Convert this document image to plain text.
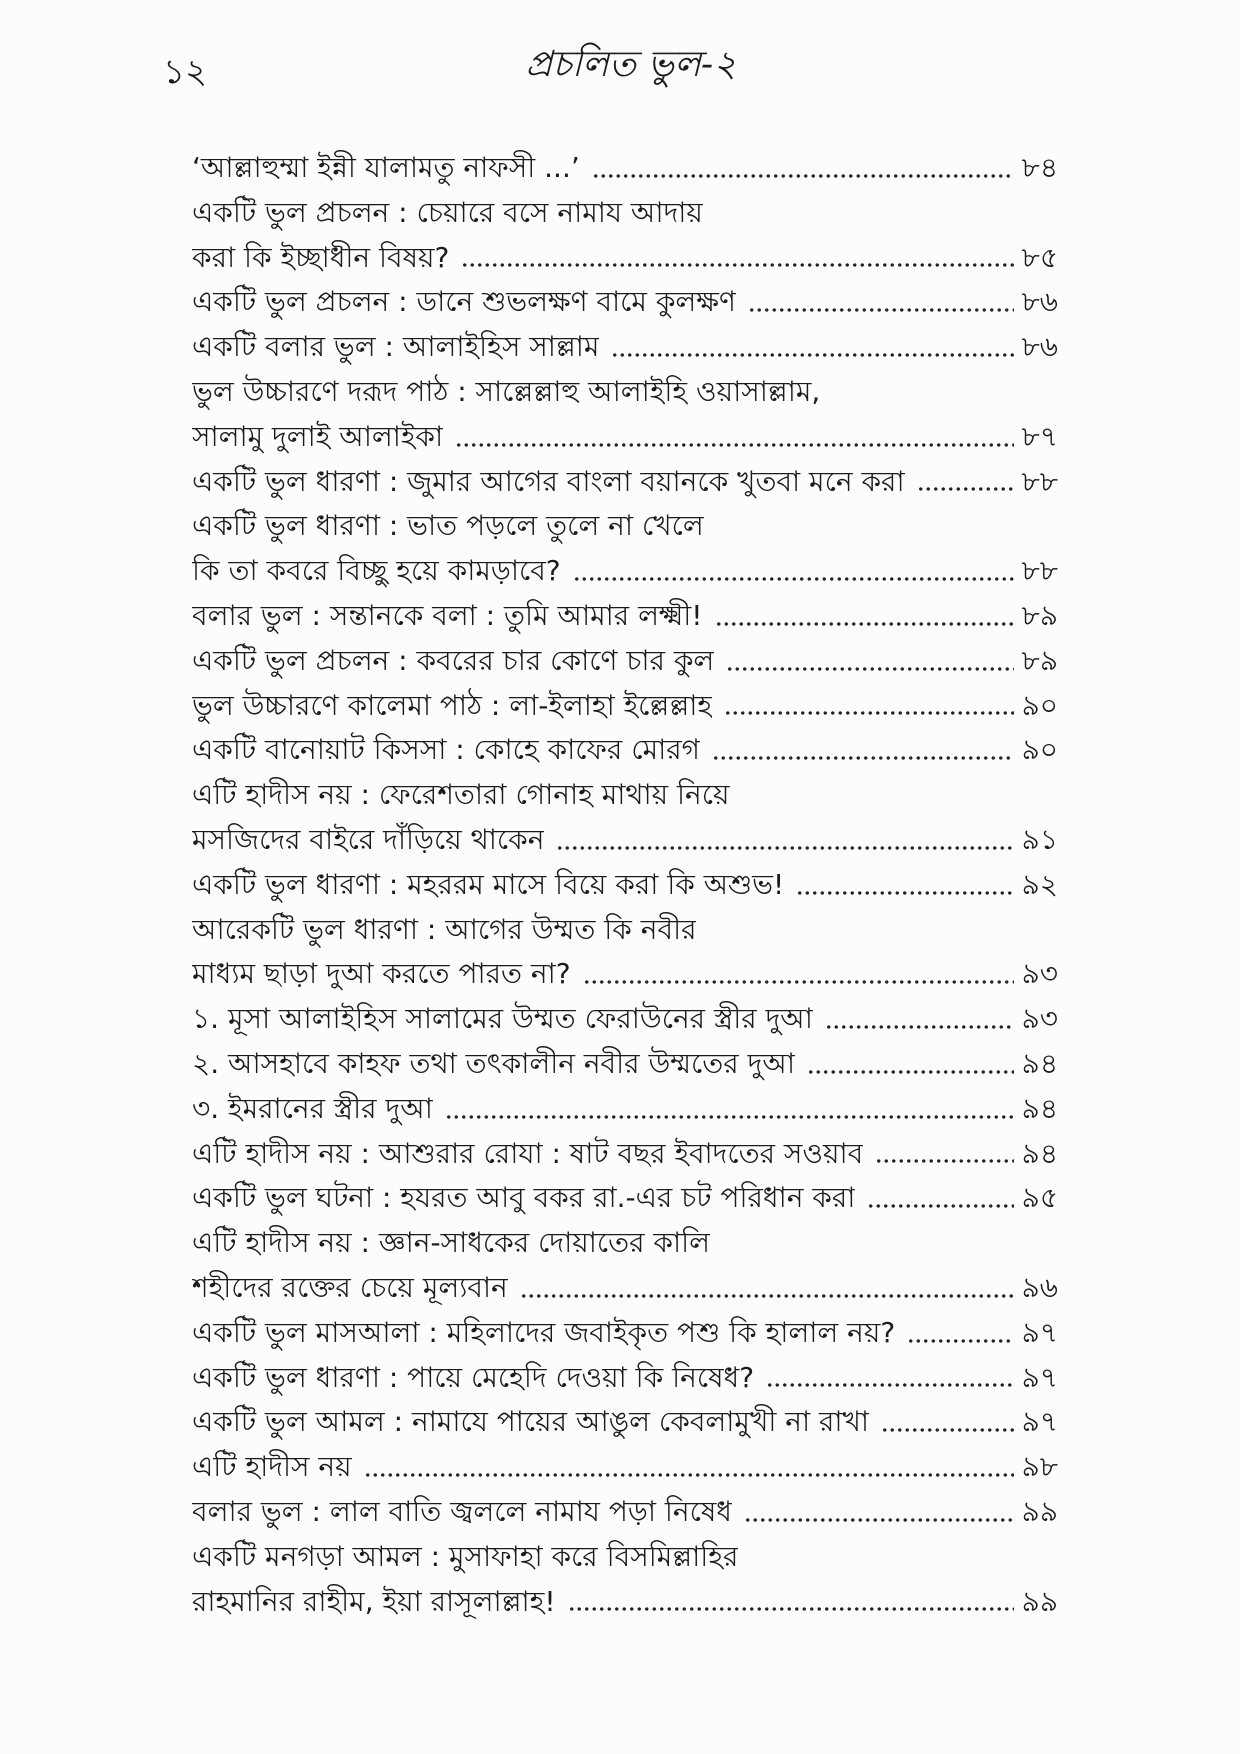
১২	প্রচলিত ভুল-২
‘আল্লাহুম্মা ইন্নী যালামতু নাফসী ...’	৮৪
একটি ভুল প্রচলন : চেয়ারে বসে নামায আদায়
করা কি ইচ্ছাধীন বিষয়?	৮৫
একটি ভুল প্রচলন : ডানে শুভলক্ষণ বামে কুলক্ষণ	৮৬
একটি বলার ভুল : আলাইহিস সাল্লাম	৮৬
ভুল উচ্চারণে দরূদ পাঠ : সাল্লেল্লাহু আলাইহি ওয়াসাল্লাম,
সালামু দুলাই আলাইকা	৮৭
একটি ভুল ধারণা : জুমার আগের বাংলা বয়ানকে খুতবা মনে করা	৮৮
একটি ভুল ধারণা : ভাত পড়লে তুলে না খেলে
কি তা কবরে বিচ্ছু হয়ে কামড়াবে?	৮৮
বলার ভুল : সন্তানকে বলা : তুমি আমার লক্ষ্মী!	৮৯
একটি ভুল প্রচলন : কবরের চার কোণে চার কুল	৮৯
ভুল উচ্চারণে কালেমা পাঠ : লা-ইলাহা ইল্লেল্লাহ	৯০
একটি বানোয়াট কিসসা : কোহে কাফের মোরগ	৯০
এটি হাদীস নয় : ফেরেশতারা গোনাহ মাথায় নিয়ে
মসজিদের বাইরে দাঁড়িয়ে থাকেন	৯১
একটি ভুল ধারণা : মহররম মাসে বিয়ে করা কি অশুভ!	৯২
আরেকটি ভুল ধারণা : আগের উম্মত কি নবীর
মাধ্যম ছাড়া দুআ করতে পারত না?	৯৩
১. মূসা আলাইহিস সালামের উম্মত ফেরাউনের স্ত্রীর দুআ	৯৩
২. আসহাবে কাহফ তথা তৎকালীন নবীর উম্মতের দুআ	৯৪
৩. ইমরানের স্ত্রীর দুআ	৯৪
এটি হাদীস নয় : আশুরার রোযা : ষাট বছর ইবাদতের সওয়াব	৯৪
একটি ভুল ঘটনা : হযরত আবু বকর রা.-এর চট পরিধান করা	৯৫
এটি হাদীস নয় : জ্ঞান-সাধকের দোয়াতের কালি
শহীদের রক্তের চেয়ে মূল্যবান	৯৬
একটি ভুল মাসআলা : মহিলাদের জবাইকৃত পশু কি হালাল নয়?	৯৭
একটি ভুল ধারণা : পায়ে মেহেদি দেওয়া কি নিষেধ?	৯৭
একটি ভুল আমল : নামাযে পায়ের আঙুল কেবলামুখী না রাখা	৯৭
এটি হাদীস নয়	৯৮
বলার ভুল : লাল বাতি জ্বললে নামায পড়া নিষেধ	৯৯
একটি মনগড়া আমল : মুসাফাহা করে বিসমিল্লাহির
রাহমানির রাহীম, ইয়া রাসূলাল্লাহ!	৯৯
